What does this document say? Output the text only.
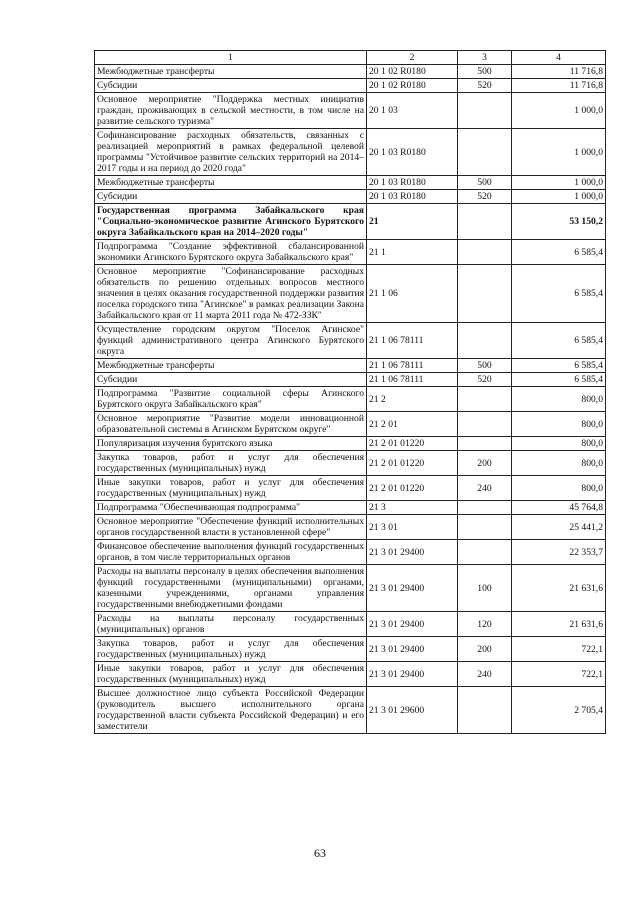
1	2	3	4
Межбюджетные трансферты	20 1 02 R0180	500	11 716,8
Субсидии	20 1 02 R0180	520	11 716,8
Основное мероприятие "Поддержка местных инициатив граждан, проживающих в сельской местности, в том числе на развитие сельского туризма"	20 1 03		1 000,0
Софинансирование расходных обязательств, связанных с реализацией мероприятий в рамках федеральной целевой программы "Устойчивое развитие сельских территорий на 2014–2017 годы и на период до 2020 года"	20 1 03 R0180		1 000,0
Межбюджетные трансферты	20 1 03 R0180	500	1 000,0
Субсидии	20 1 03 R0180	520	1 000,0
Государственная программа Забайкальского края "Социально-экономическое развитие Агинского Бурятского округа Забайкальского края на 2014–2020 годы"	21		53 150,2
Подпрограмма "Создание эффективной сбалансированной экономики Агинского Бурятского округа Забайкальского края"	21 1		6 585,4
Основное мероприятие "Софинансирование расходных обязательств по решению отдельных вопросов местного значения в целях оказания государственной поддержки развития поселка городского типа "Агинское" в рамках реализации Закона Забайкальского края от 11 марта 2011 года № 472-ЗЗК"	21 1 06		6 585,4
Осуществление городским округом "Поселок Агинское" функций административного центра Агинского Бурятского округа	21 1 06 78111		6 585,4
Межбюджетные трансферты	21 1 06 78111	500	6 585,4
Субсидии	21 1 06 78111	520	6 585,4
Подпрограмма "Развитие социальной сферы Агинского Бурятского округа Забайкальского края"	21 2		800,0
Основное мероприятие "Развитие модели инновационной образовательной системы в Агинском Бурятском округе"	21 2 01		800,0
Популяризация изучения бурятского языка	21 2 01 01220		800,0
Закупка товаров, работ и услуг для обеспечения государственных (муниципальных) нужд	21 2 01 01220	200	800,0
Иные закупки товаров, работ и услуг для обеспечения государственных (муниципальных) нужд	21 2 01 01220	240	800,0
Подпрограмма "Обеспечивающая подпрограмма"	21 3		45 764,8
Основное мероприятие "Обеспечение функций исполнительных органов государственной власти в установленной сфере"	21 3 01		25 441,2
Финансовое обеспечение выполнения функций государственных органов, в том числе территориальных органов	21 3 01 29400		22 353,7
Расходы на выплаты персоналу в целях обеспечения выполнения функций государственными (муниципальными) органами, казенными учреждениями, органами управления государственными внебюджетными фондами	21 3 01 29400	100	21 631,6
Расходы на выплаты персоналу государственных (муниципальных) органов	21 3 01 29400	120	21 631,6
Закупка товаров, работ и услуг для обеспечения государственных (муниципальных) нужд	21 3 01 29400	200	722,1
Иные закупки товаров, работ и услуг для обеспечения государственных (муниципальных) нужд	21 3 01 29400	240	722,1
Высшее должностное лицо субъекта Российской Федерации (руководитель высшего исполнительного органа государственной власти субъекта Российской Федерации) и его заместители	21 3 01 29600		2 705,4
63
